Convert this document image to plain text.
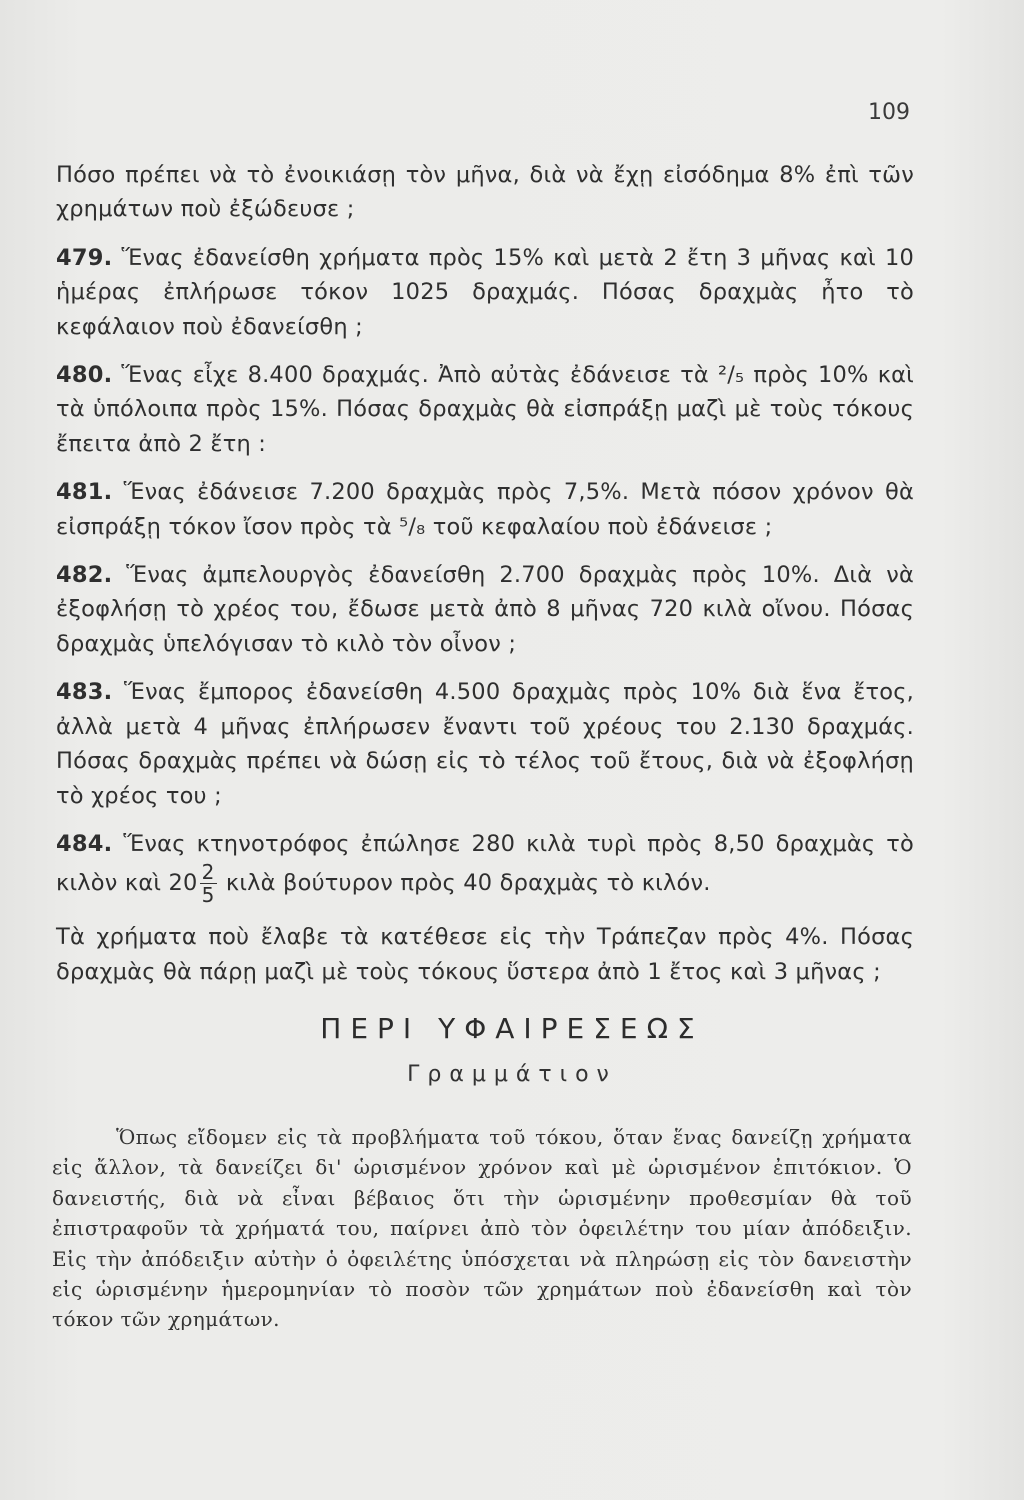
109

Πόσο πρέπει νὰ τὸ ἐνοικιάσῃ τὸν μῆνα, διὰ νὰ ἔχῃ εἰσόδημα 8% ἐπὶ τῶν χρημάτων ποὺ ἐξώδευσε ;

479. Ἕνας ἐδανείσθη χρήματα πρὸς 15% καὶ μετὰ 2 ἔτη 3 μῆνας καὶ 10 ἡμέρας ἐπλήρωσε τόκον 1025 δραχμάς. Πόσας δραχμὰς ἦτο τὸ κεφάλαιον ποὺ ἐδανείσθη ;

480. Ἕνας εἶχε 8.400 δραχμάς. Ἀπὸ αὐτὰς ἐδάνεισε τὰ ²/₅ πρὸς 10% καὶ τὰ ὑπόλοιπα πρὸς 15%. Πόσας δραχμὰς θὰ εἰσπράξῃ μαζὶ μὲ τοὺς τόκους ἔπειτα ἀπὸ 2 ἔτη :

481. Ἕνας ἐδάνεισε 7.200 δραχμὰς πρὸς 7,5%. Μετὰ πόσον χρόνον θὰ εἰσπράξῃ τόκον ἴσον πρὸς τὰ ⁵/₈ τοῦ κεφαλαίου ποὺ ἐδάνεισε ;

482. Ἕνας ἀμπελουργὸς ἐδανείσθη 2.700 δραχμὰς πρὸς 10%. Διὰ νὰ ἐξοφλήσῃ τὸ χρέος του, ἔδωσε μετὰ ἀπὸ 8 μῆνας 720 κιλὰ οἴνου. Πόσας δραχμὰς ὑπελόγισαν τὸ κιλὸ τὸν οἶνον ;

483. Ἕνας ἔμπορος ἐδανείσθη 4.500 δραχμὰς πρὸς 10% διὰ ἕνα ἔτος, ἀλλὰ μετὰ 4 μῆνας ἐπλήρωσεν ἔναντι τοῦ χρέους του 2.130 δραχμάς. Πόσας δραχμὰς πρέπει νὰ δώσῃ εἰς τὸ τέλος τοῦ ἔτους, διὰ νὰ ἐξοφλήσῃ τὸ χρέος του ;

484. Ἕνας κτηνοτρόφος ἐπώλησε 280 κιλὰ τυρὶ πρὸς 8,50 δραχμὰς τὸ κιλὸν καὶ $20 \frac{2}{5}$ κιλὰ βούτυρον πρὸς 40 δραχμὰς τὸ κιλόν.

Τὰ χρήματα ποὺ ἔλαβε τὰ κατέθεσε εἰς τὴν Τράπεζαν πρὸς 4%. Πόσας δραχμὰς θὰ πάρῃ μαζὶ μὲ τοὺς τόκους ὕστερα ἀπὸ 1 ἔτος καὶ 3 μῆνας ;

ΠΕΡΙ ΥΦΑΙΡΕΣΕΩΣ
Γραμμάτιον

Ὅπως εἴδομεν εἰς τὰ προβλήματα τοῦ τόκου, ὅταν ἕνας δανείζῃ χρήματα εἰς ἄλλον, τὰ δανείζει δι' ὡρισμένον χρόνον καὶ μὲ ὡρισμένον ἐπιτόκιον. Ὁ δανειστής, διὰ νὰ εἶναι βέβαιος ὅτι τὴν ὡρισμένην προθεσμίαν θὰ τοῦ ἐπιστραφοῦν τὰ χρήματά του, παίρνει ἀπὸ τὸν ὀφειλέτην του μίαν ἀπόδειξιν. Εἰς τὴν ἀπόδειξιν αὐτὴν ὁ ὀφειλέτης ὑπόσχεται νὰ πληρώσῃ εἰς τὸν δανειστὴν εἰς ὡρισμένην ἡμερομηνίαν τὸ ποσὸν τῶν χρημάτων ποὺ ἐδανείσθη καὶ τὸν τόκον τῶν χρημάτων.
